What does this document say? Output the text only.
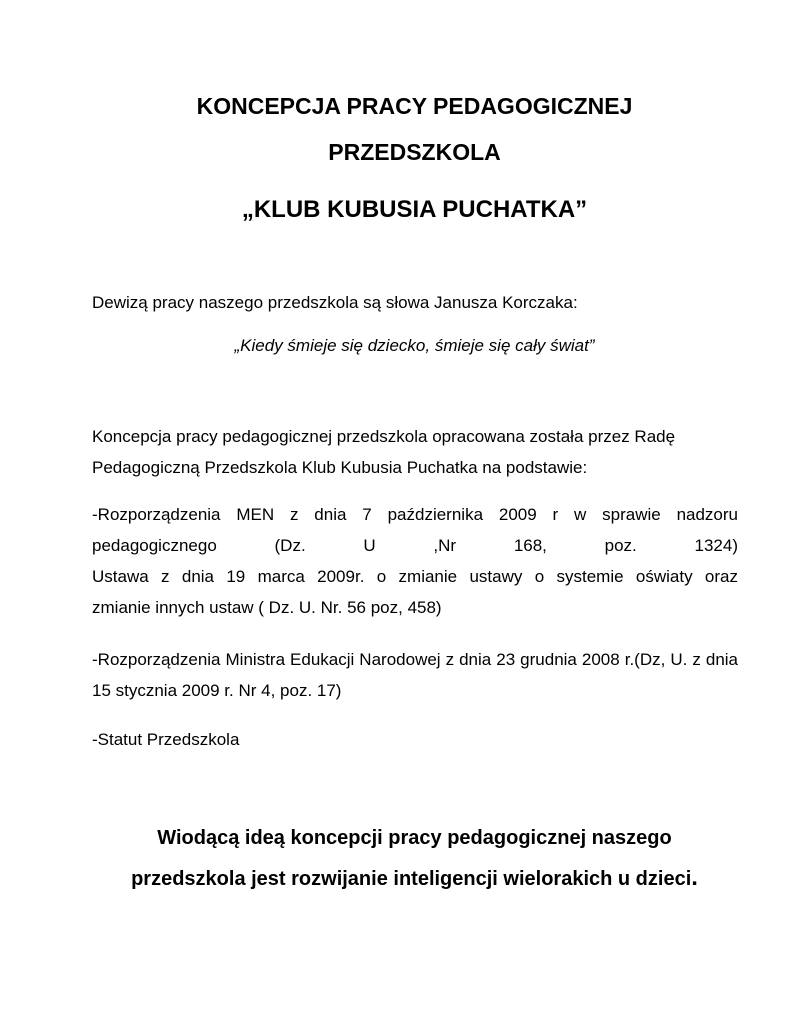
KONCEPCJA PRACY PEDAGOGICZNEJ
PRZEDSZKOLA
„KLUB KUBUSIA PUCHATKA”

Dewizą pracy naszego przedszkola są słowa Janusza Korczaka:

„Kiedy śmieje się dziecko, śmieje się cały świat”

Koncepcja pracy pedagogicznej przedszkola opracowana została przez Radę Pedagogiczną Przedszkola Klub Kubusia Puchatka na podstawie:

-Rozporządzenia MEN z dnia 7 października 2009 r w sprawie nadzoru
pedagogicznego (Dz. U ,Nr 168, poz. 1324)
Ustawa z dnia 19 marca 2009r. o zmianie ustawy o systemie oświaty oraz
zmianie innych ustaw ( Dz. U. Nr. 56 poz, 458)

-Rozporządzenia Ministra Edukacji Narodowej z dnia 23 grudnia 2008 r.(Dz, U. z dnia 15 stycznia 2009 r. Nr 4, poz. 17)

-Statut Przedszkola

Wiodącą ideą koncepcji pracy pedagogicznej naszego
przedszkola jest rozwijanie inteligencji wielorakich u dzieci.
